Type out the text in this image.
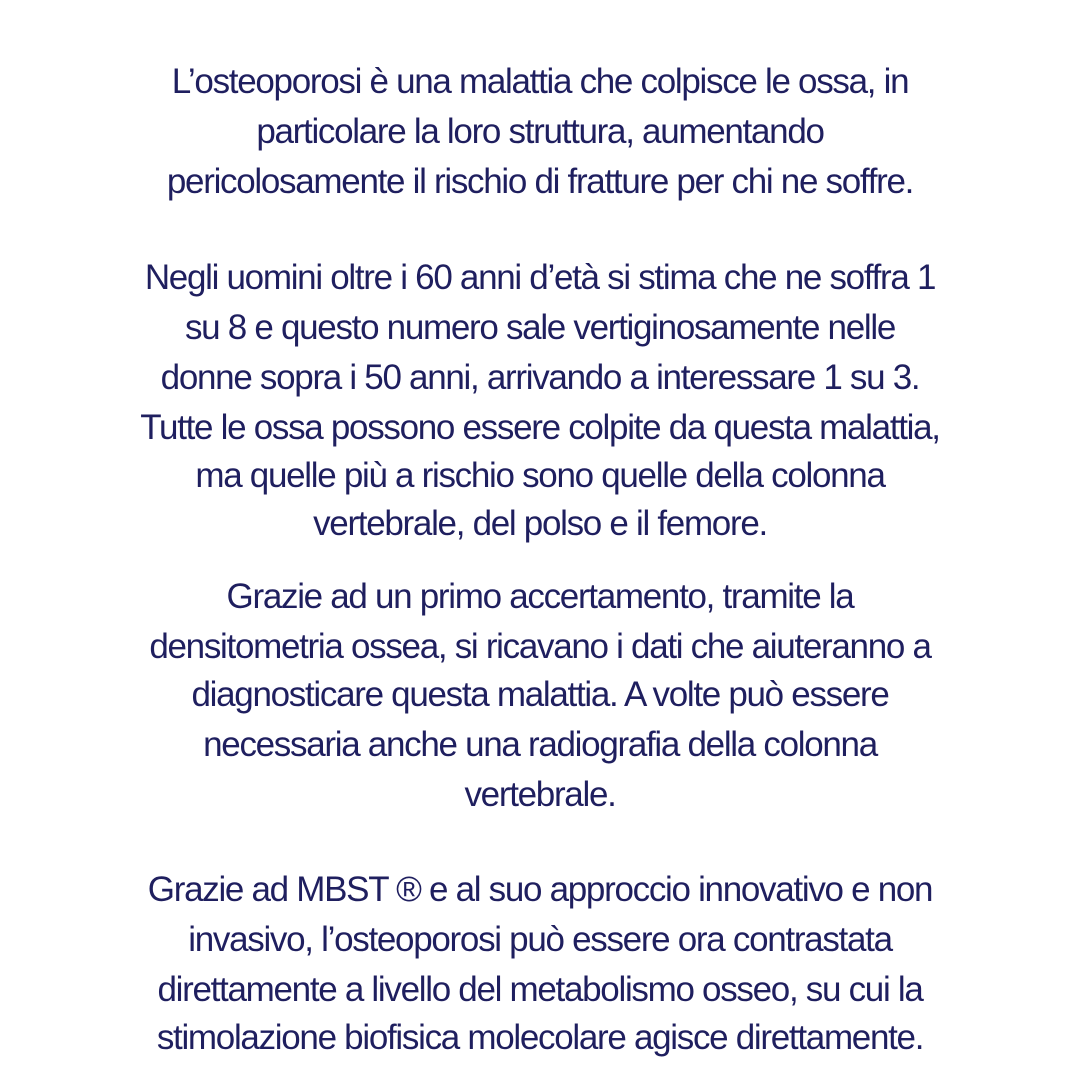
L’osteoporosi è una malattia che colpisce le ossa, in
particolare la loro struttura, aumentando
pericolosamente il rischio di fratture per chi ne soffre.
Negli uomini oltre i 60 anni d’età si stima che ne soffra 1
su 8 e questo numero sale vertiginosamente nelle
donne sopra i 50 anni, arrivando a interessare 1 su 3.
Tutte le ossa possono essere colpite da questa malattia,
ma quelle più a rischio sono quelle della colonna
vertebrale, del polso e il femore.
Grazie ad un primo accertamento, tramite la
densitometria ossea, si ricavano i dati che aiuteranno a
diagnosticare questa malattia. A volte può essere
necessaria anche una radiografia della colonna
vertebrale.
Grazie ad MBST ® e al suo approccio innovativo e non
invasivo, l’osteoporosi può essere ora contrastata
direttamente a livello del metabolismo osseo, su cui la
stimolazione biofisica molecolare agisce direttamente.
